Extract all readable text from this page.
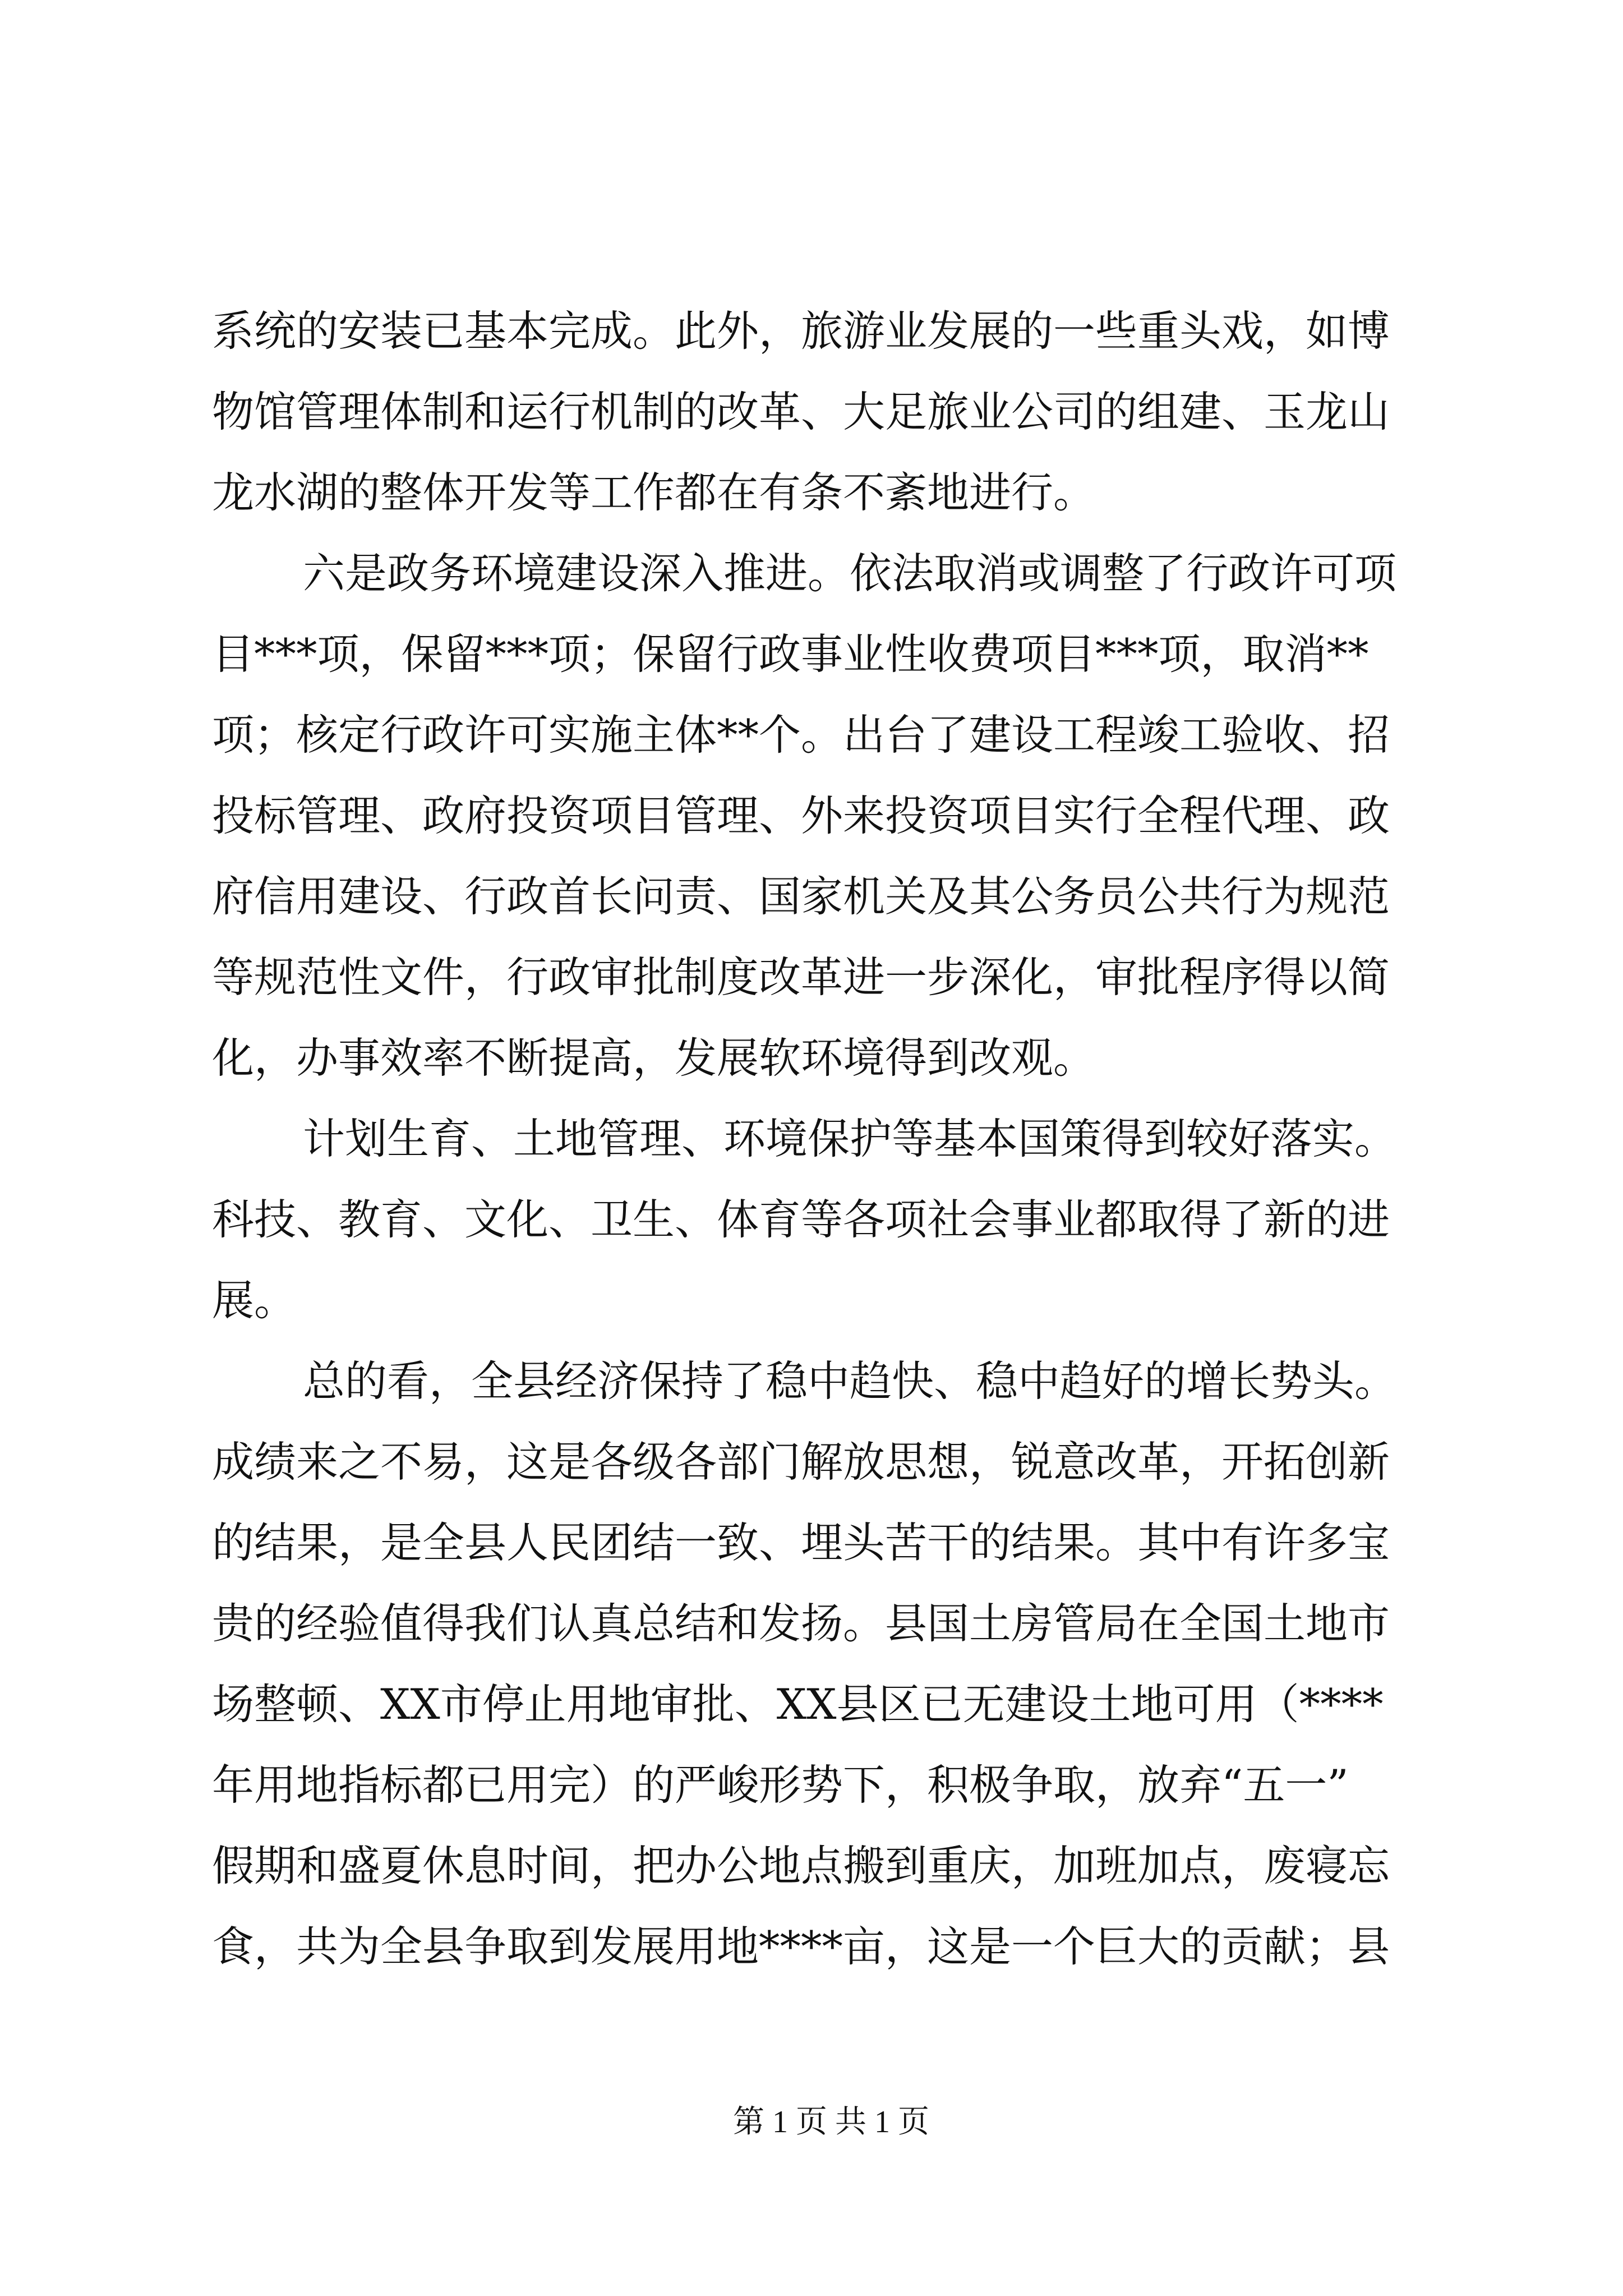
系统的安装已基本完成。此外，旅游业发展的一些重头戏，如博
物馆管理体制和运行机制的改革、大足旅业公司的组建、玉龙山
龙水湖的整体开发等工作都在有条不紊地进行。
六是政务环境建设深入推进。依法取消或调整了行政许可项
目***项，保留***项；保留行政事业性收费项目***项，取消**
项；核定行政许可实施主体**个。出台了建设工程竣工验收、招
投标管理、政府投资项目管理、外来投资项目实行全程代理、政
府信用建设、行政首长问责、国家机关及其公务员公共行为规范
等规范性文件，行政审批制度改革进一步深化，审批程序得以简
化，办事效率不断提高，发展软环境得到改观。
计划生育、土地管理、环境保护等基本国策得到较好落实。
科技、教育、文化、卫生、体育等各项社会事业都取得了新的进
展。
总的看，全县经济保持了稳中趋快、稳中趋好的增长势头。
成绩来之不易，这是各级各部门解放思想，锐意改革，开拓创新
的结果，是全县人民团结一致、埋头苦干的结果。其中有许多宝
贵的经验值得我们认真总结和发扬。县国土房管局在全国土地市
场整顿、XX市停止用地审批、XX县区已无建设土地可用（****
年用地指标都已用完）的严峻形势下，积极争取，放弃“五一”
假期和盛夏休息时间，把办公地点搬到重庆，加班加点，废寝忘
食，共为全县争取到发展用地****亩，这是一个巨大的贡献；县
第 1 页 共 1 页
